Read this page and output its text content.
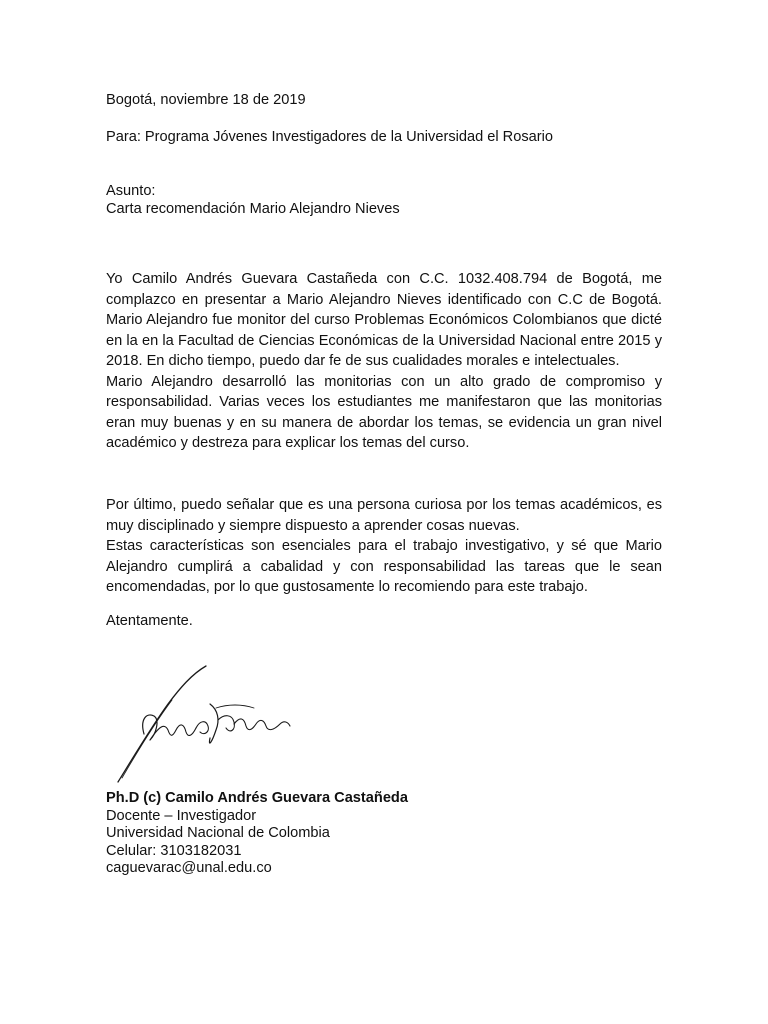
Bogotá, noviembre 18 de 2019
Para: Programa Jóvenes Investigadores de la Universidad el Rosario
Asunto:
Carta recomendación Mario Alejandro Nieves

Yo Camilo Andrés Guevara Castañeda con C.C. 1032.408.794 de Bogotá, me complazco en presentar a Mario Alejandro Nieves identificado con C.C de Bogotá. Mario Alejandro fue monitor del curso Problemas Económicos Colombianos que dicté en la en la Facultad de Ciencias Económicas de la Universidad Nacional entre 2015 y 2018. En dicho tiempo, puedo dar fe de sus cualidades morales e intelectuales.

Mario Alejandro desarrolló las monitorias con un alto grado de compromiso y responsabilidad. Varias veces los estudiantes me manifestaron que las monitorias eran muy buenas y en su manera de abordar los temas, se evidencia un gran nivel académico y destreza para explicar los temas del curso.

Por último, puedo señalar que es una persona curiosa por los temas académicos, es muy disciplinado y siempre dispuesto a aprender cosas nuevas.

Estas características son esenciales para el trabajo investigativo, y sé que Mario Alejandro cumplirá a cabalidad y con responsabilidad las tareas que le sean encomendadas, por lo que gustosamente lo recomiendo para este trabajo.

Atentamente.
Ph.D (c) Camilo Andrés Guevara Castañeda
Docente – Investigador
Universidad Nacional de Colombia
Celular: 3103182031
caguevarac@unal.edu.co
